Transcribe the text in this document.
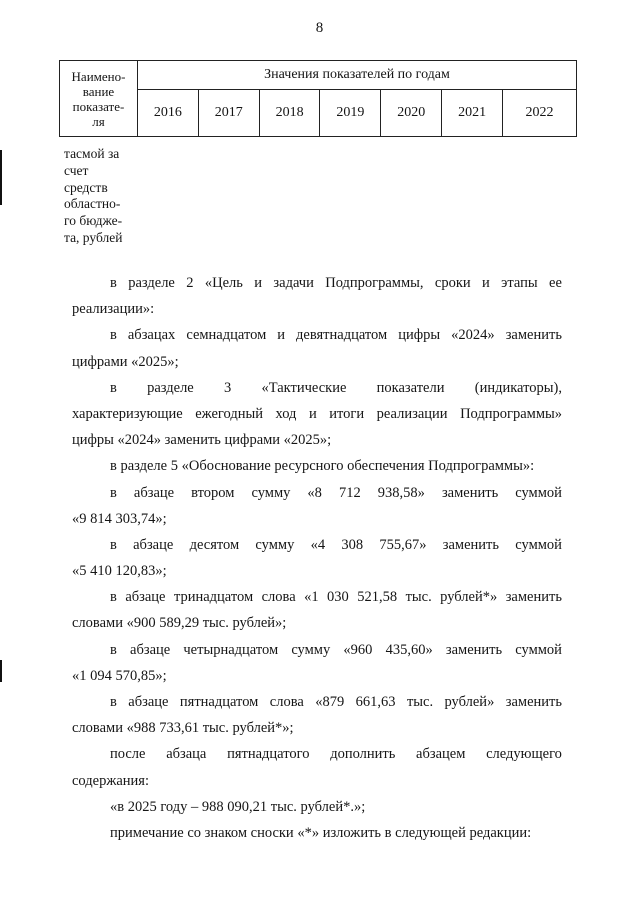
8
Наимено-
вание
показате-
ля	Значения показателей по годам						
	2016	2017	2018	2019	2020	2021	2022
тасмой за
счет
средств
областно-
го бюдже-
та, рублей
в разделе 2 «Цель и задачи Подпрограммы, сроки и этапы ее
реализации»:
в абзацах семнадцатом и девятнадцатом цифры «2024» заменить
цифрами «2025»;
в разделе 3 «Тактические показатели (индикаторы),
характеризующие ежегодный ход и итоги реализации Подпрограммы»
цифры «2024» заменить цифрами «2025»;
в разделе 5 «Обоснование ресурсного обеспечения Подпрограммы»:
в абзаце втором сумму «8 712 938,58» заменить суммой
«9 814 303,74»;
в абзаце десятом сумму «4 308 755,67» заменить суммой
«5 410 120,83»;
в абзаце тринадцатом слова «1 030 521,58 тыс. рублей*» заменить
словами «900 589,29 тыс. рублей»;
в абзаце четырнадцатом сумму «960 435,60» заменить суммой
«1 094 570,85»;
в абзаце пятнадцатом слова «879 661,63 тыс. рублей» заменить
словами «988 733,61 тыс. рублей*»;
после абзаца пятнадцатого дополнить абзацем следующего
содержания:
«в 2025 году – 988 090,21 тыс. рублей*.»;
примечание со знаком сноски «*» изложить в следующей редакции:
